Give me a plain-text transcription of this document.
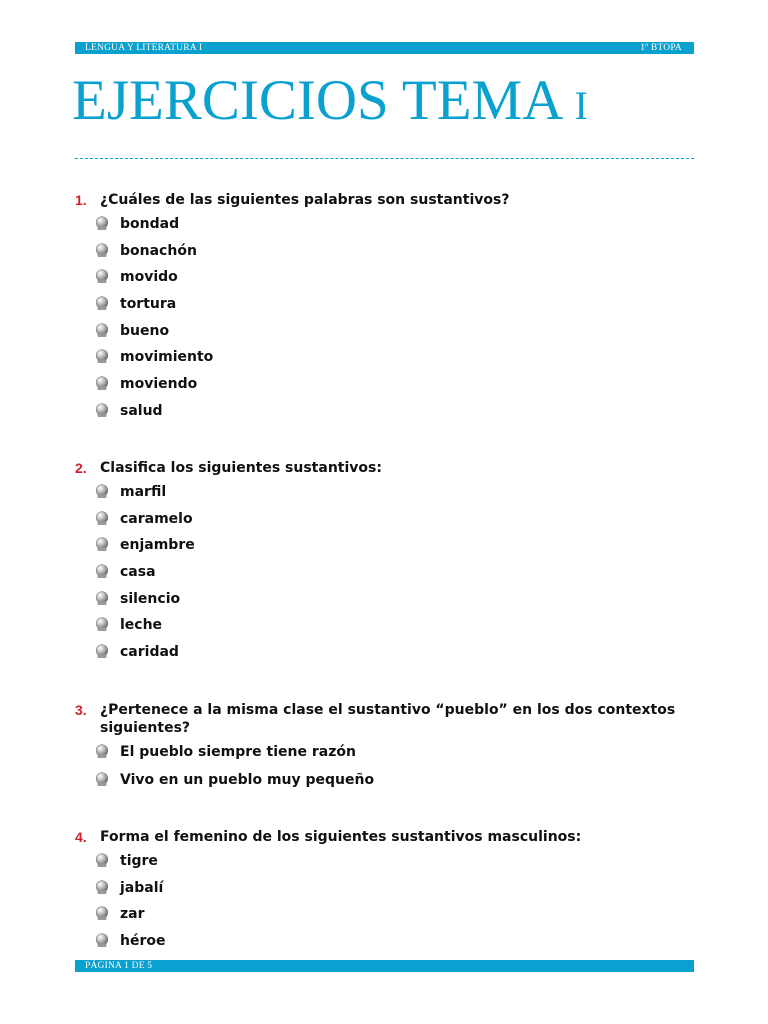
LENGUA Y LITERATURA I	1º BTOPA
EJERCICIOS TEMA I
1. ¿Cuáles de las siguientes palabras son sustantivos?
bondad
bonachón
movido
tortura
bueno
movimiento
moviendo
salud
2. Clasifica los siguientes sustantivos:
marfil
caramelo
enjambre
casa
silencio
leche
caridad
3. ¿Pertenece a la misma clase el sustantivo “pueblo” en los dos contextos siguientes?
El pueblo siempre tiene razón
Vivo en un pueblo muy pequeño
4. Forma el femenino de los siguientes sustantivos masculinos:
tigre
jabalí
zar
héroe
PÁGINA 1 DE 5
